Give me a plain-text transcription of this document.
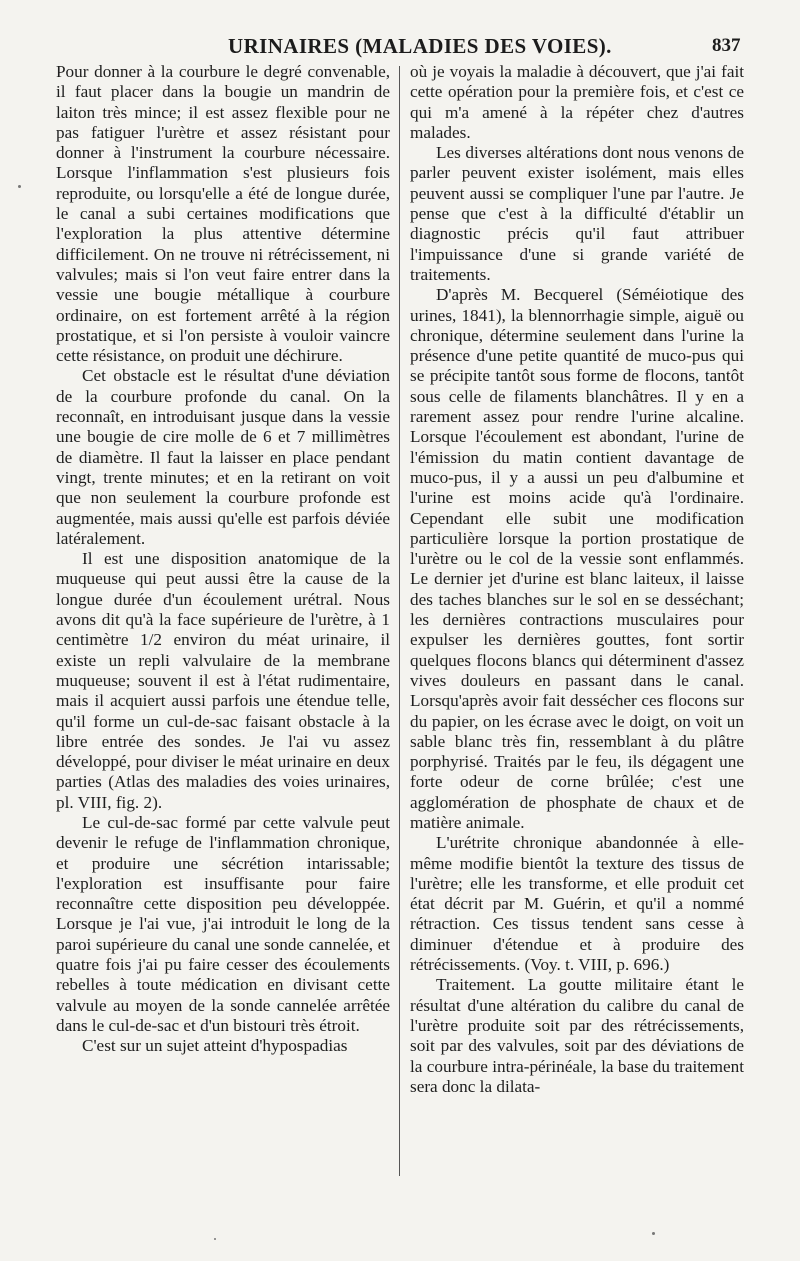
URINAIRES (MALADIES DES VOIES).	837

Pour donner à la courbure le degré convenable, il faut placer dans la bougie un mandrin de laiton très mince; il est assez flexible pour ne pas fatiguer l'urètre et assez résistant pour donner à l'instrument la courbure nécessaire. Lorsque l'inflammation s'est plusieurs fois reproduite, ou lorsqu'elle a été de longue durée, le canal a subi certaines modifications que l'exploration la plus attentive détermine difficilement. On ne trouve ni rétrécissement, ni valvules; mais si l'on veut faire entrer dans la vessie une bougie métallique à courbure ordinaire, on est fortement arrêté à la région prostatique, et si l'on persiste à vouloir vaincre cette résistance, on produit une déchirure.

Cet obstacle est le résultat d'une déviation de la courbure profonde du canal. On la reconnaît, en introduisant jusque dans la vessie une bougie de cire molle de 6 et 7 millimètres de diamètre. Il faut la laisser en place pendant vingt, trente minutes; et en la retirant on voit que non seulement la courbure profonde est augmentée, mais aussi qu'elle est parfois déviée latéralement.

Il est une disposition anatomique de la muqueuse qui peut aussi être la cause de la longue durée d'un écoulement urétral. Nous avons dit qu'à la face supérieure de l'urètre, à 1 centimètre 1/2 environ du méat urinaire, il existe un repli valvulaire de la membrane muqueuse; souvent il est à l'état rudimentaire, mais il acquiert aussi parfois une étendue telle, qu'il forme un cul-de-sac faisant obstacle à la libre entrée des sondes. Je l'ai vu assez développé, pour diviser le méat urinaire en deux parties (Atlas des maladies des voies urinaires, pl. VIII, fig. 2).

Le cul-de-sac formé par cette valvule peut devenir le refuge de l'inflammation chronique, et produire une sécrétion intarissable; l'exploration est insuffisante pour faire reconnaître cette disposition peu développée. Lorsque je l'ai vue, j'ai introduit le long de la paroi supérieure du canal une sonde cannelée, et quatre fois j'ai pu faire cesser des écoulements rebelles à toute médication en divisant cette valvule au moyen de la sonde cannelée arrêtée dans le cul-de-sac et d'un bistouri très étroit.

C'est sur un sujet atteint d'hypospadias

où je voyais la maladie à découvert, que j'ai fait cette opération pour la première fois, et c'est ce qui m'a amené à la répéter chez d'autres malades.

Les diverses altérations dont nous venons de parler peuvent exister isolément, mais elles peuvent aussi se compliquer l'une par l'autre. Je pense que c'est à la difficulté d'établir un diagnostic précis qu'il faut attribuer l'impuissance d'une si grande variété de traitements.

D'après M. Becquerel (Séméiotique des urines, 1841), la blennorrhagie simple, aiguë ou chronique, détermine seulement dans l'urine la présence d'une petite quantité de muco-pus qui se précipite tantôt sous forme de flocons, tantôt sous celle de filaments blanchâtres. Il y en a rarement assez pour rendre l'urine alcaline. Lorsque l'écoulement est abondant, l'urine de l'émission du matin contient davantage de muco-pus, il y a aussi un peu d'albumine et l'urine est moins acide qu'à l'ordinaire. Cependant elle subit une modification particulière lorsque la portion prostatique de l'urètre ou le col de la vessie sont enflammés. Le dernier jet d'urine est blanc laiteux, il laisse des taches blanches sur le sol en se desséchant; les dernières contractions musculaires pour expulser les dernières gouttes, font sortir quelques flocons blancs qui déterminent d'assez vives douleurs en passant dans le canal. Lorsqu'après avoir fait dessécher ces flocons sur du papier, on les écrase avec le doigt, on voit un sable blanc très fin, ressemblant à du plâtre porphyrisé. Traités par le feu, ils dégagent une forte odeur de corne brûlée; c'est une agglomération de phosphate de chaux et de matière animale.

L'urétrite chronique abandonnée à elle-même modifie bientôt la texture des tissus de l'urètre; elle les transforme, et elle produit cet état décrit par M. Guérin, et qu'il a nommé rétraction. Ces tissus tendent sans cesse à diminuer d'étendue et à produire des rétrécissements. (Voy. t. VIII, p. 696.)

Traitement. La goutte militaire étant le résultat d'une altération du calibre du canal de l'urètre produite soit par des rétrécissements, soit par des valvules, soit par des déviations de la courbure intra-périnéale, la base du traitement sera donc la dilata-
